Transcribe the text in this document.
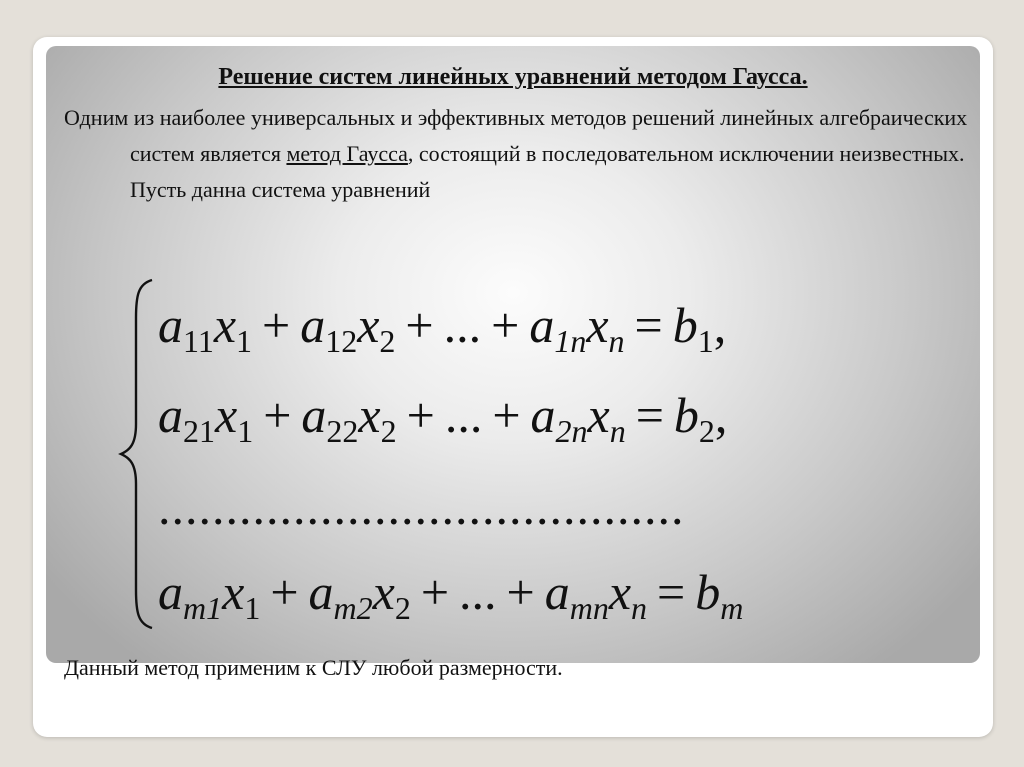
Решение систем линейных уравнений методом Гаусса.

Одним из наиболее универсальных и эффективных методов решений линейных алгебраических систем является метод Гаусса, состоящий в последовательном исключении неизвестных. Пусть данна система уравнений

$a_{11}x_1 + a_{12}x_2$ + ... + $a_{1n}x_n = b_1$,
$a_{21}x_1 + a_{22}x_2$ + ... + $a_{2n}x_n = b_2$,
.......................................
$a_{m1}x_1 + a_{m2}x_2$ + ... + $a_{mn}x_n = b_m$

Данный метод применим к СЛУ любой размерности.
